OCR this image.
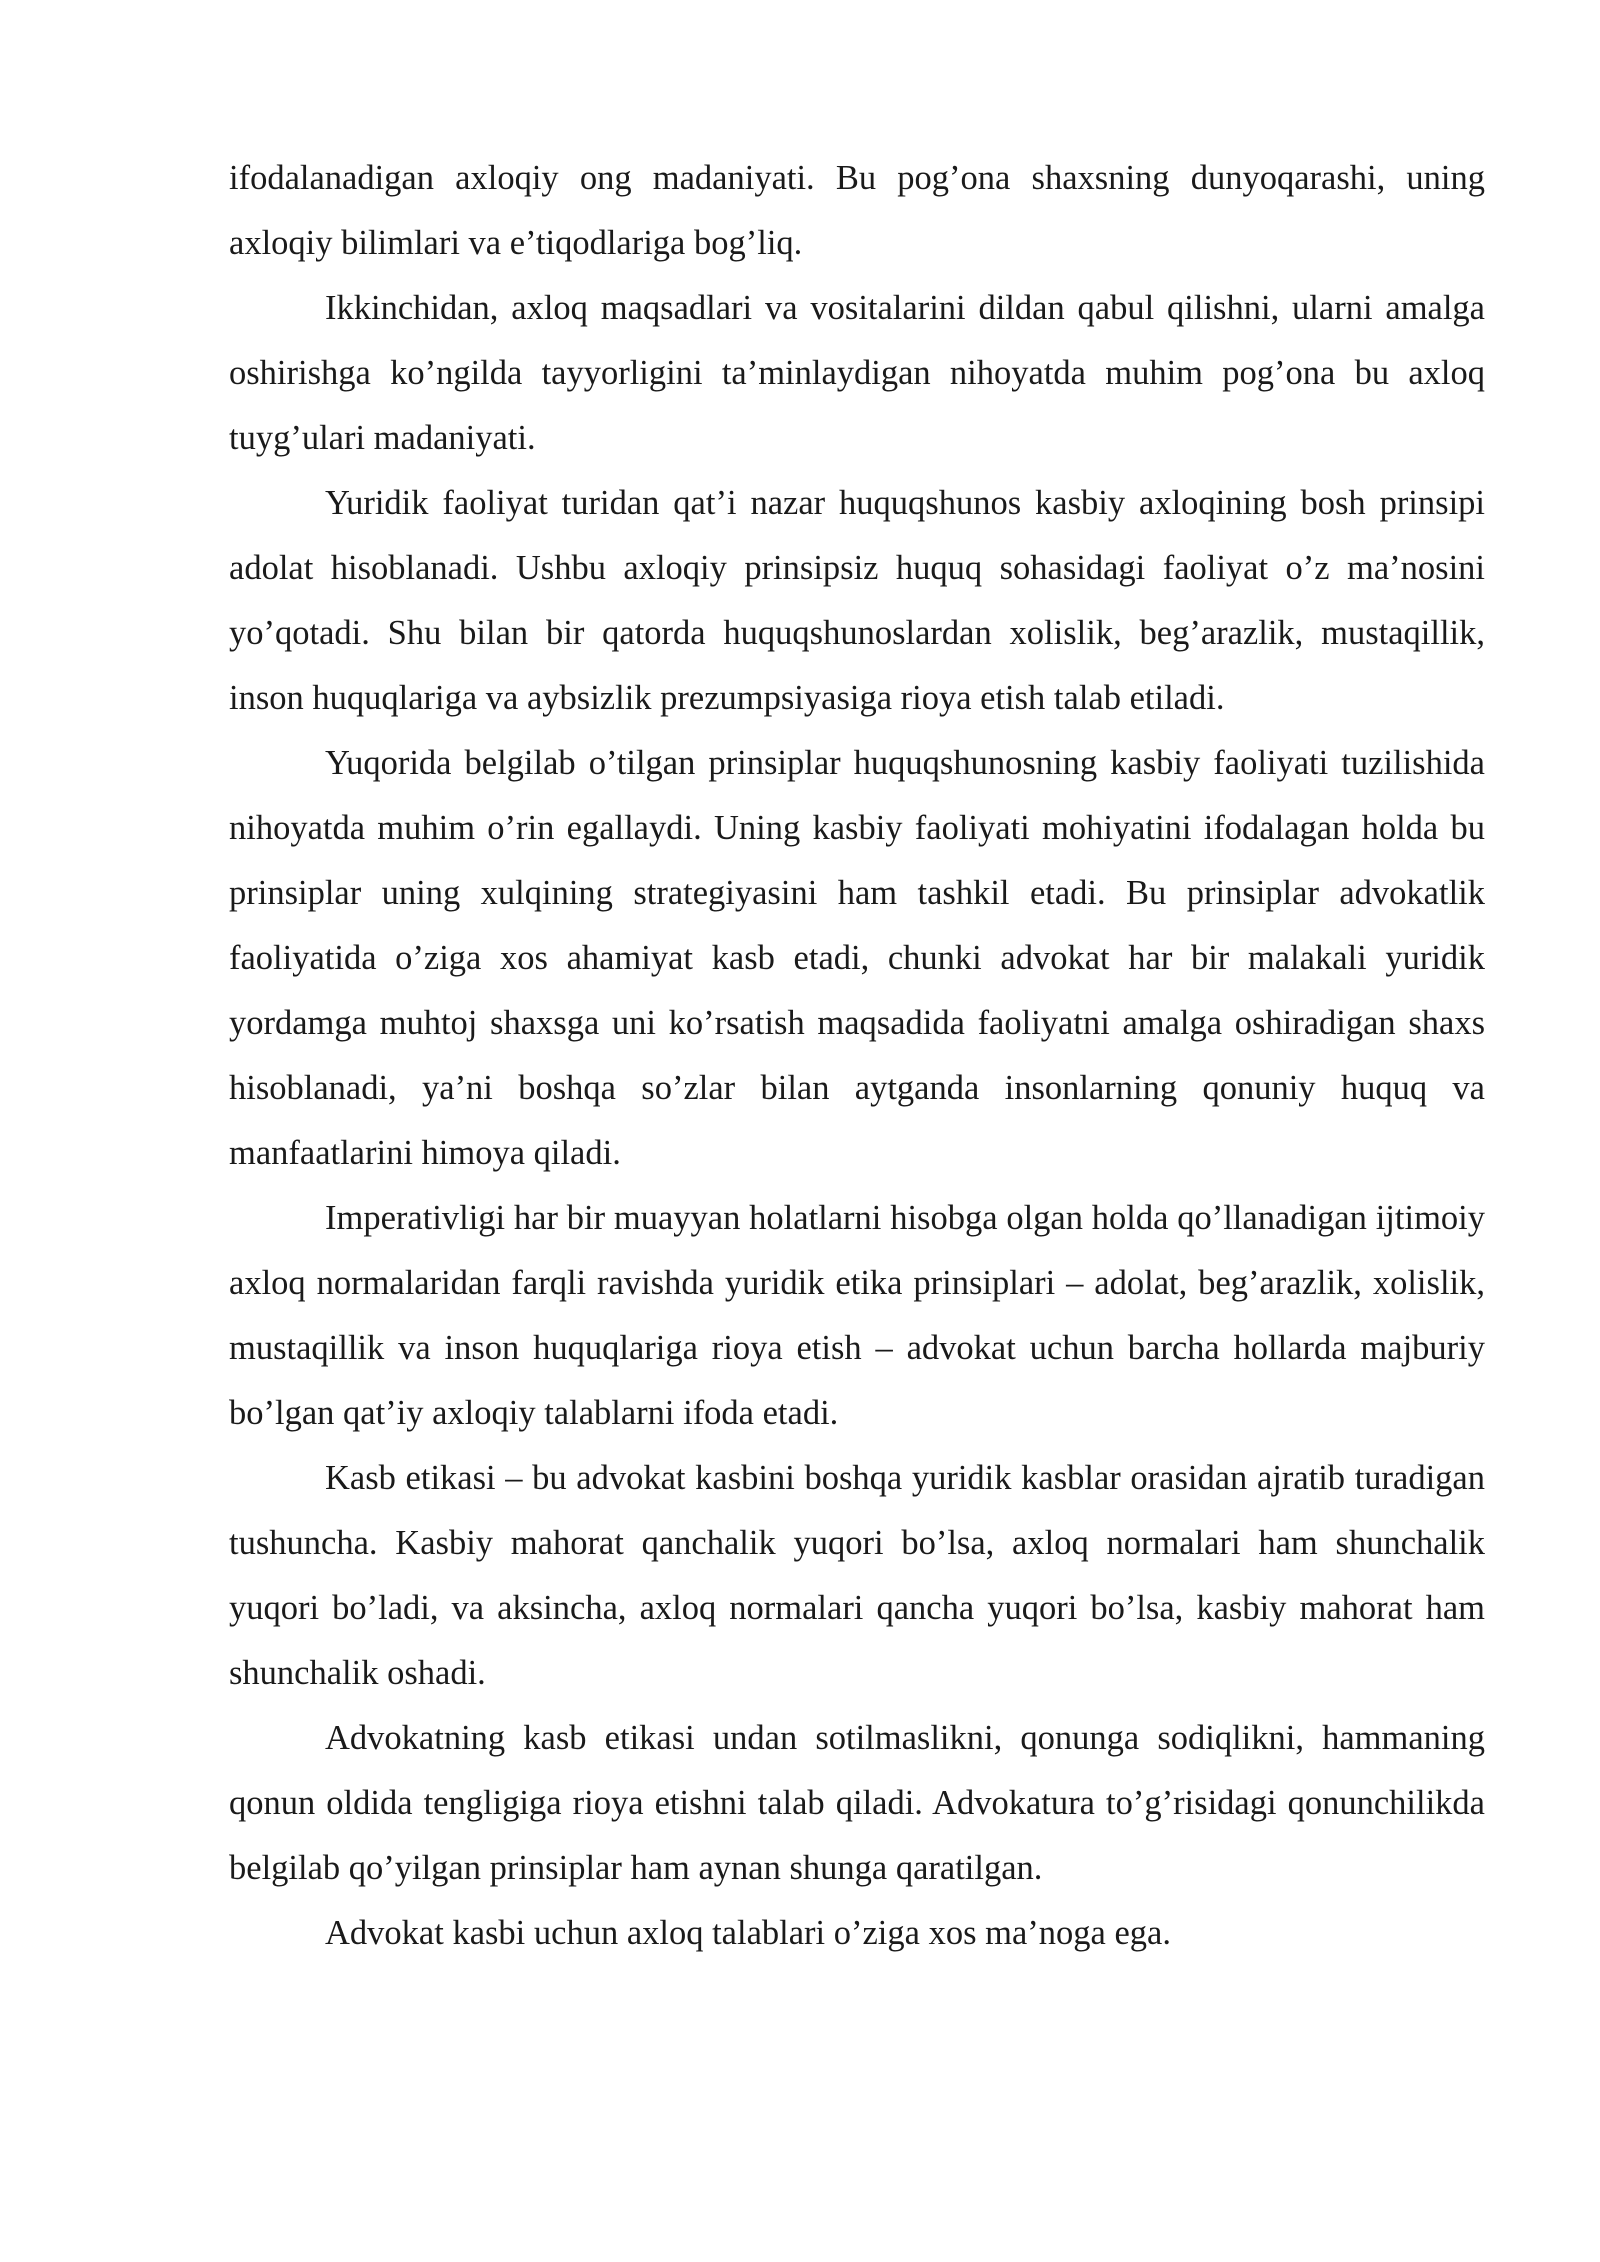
ifodalanadigan axloqiy ong madaniyati. Bu pog’ona shaxsning dunyoqarashi, uning axloqiy bilimlari va e’tiqodlariga bog’liq.

Ikkinchidan, axloq maqsadlari va vositalarini dildan qabul qilishni, ularni amalga oshirishga ko’ngilda tayyorligini ta’minlaydigan nihoyatda muhim pog’ona bu axloq tuyg’ulari madaniyati.

Yuridik faoliyat turidan qat’i nazar huquqshunos kasbiy axloqining bosh prinsipi adolat hisoblanadi. Ushbu axloqiy prinsipsiz huquq sohasidagi faoliyat o’z ma’nosini yo’qotadi. Shu bilan bir qatorda huquqshunoslardan xolislik, beg’arazlik, mustaqillik, inson huquqlariga va aybsizlik prezumpsiyasiga rioya etish talab etiladi.

Yuqorida belgilab o’tilgan prinsiplar huquqshunosning kasbiy faoliyati tuzilishida nihoyatda muhim o’rin egallaydi. Uning kasbiy faoliyati mohiyatini ifodalagan holda bu prinsiplar uning xulqining strategiyasini ham tashkil etadi. Bu prinsiplar advokatlik faoliyatida o’ziga xos ahamiyat kasb etadi, chunki advokat har bir malakali yuridik yordamga muhtoj shaxsga uni ko’rsatish maqsadida faoliyatni amalga oshiradigan shaxs hisoblanadi, ya’ni boshqa so’zlar bilan aytganda insonlarning qonuniy huquq va manfaatlarini himoya qiladi.

Imperativligi har bir muayyan holatlarni hisobga olgan holda qo’llanadigan ijtimoiy axloq normalaridan farqli ravishda yuridik etika prinsiplari – adolat, beg’arazlik, xolislik, mustaqillik va inson huquqlariga rioya etish – advokat uchun barcha hollarda majburiy bo’lgan qat’iy axloqiy talablarni ifoda etadi.

Kasb etikasi – bu advokat kasbini boshqa yuridik kasblar orasidan ajratib turadigan tushuncha. Kasbiy mahorat qanchalik yuqori bo’lsa, axloq normalari ham shunchalik yuqori bo’ladi, va aksincha, axloq normalari qancha yuqori bo’lsa, kasbiy mahorat ham shunchalik oshadi.

Advokatning kasb etikasi undan sotilmaslikni, qonunga sodiqlikni, hammaning qonun oldida tengligiga rioya etishni talab qiladi. Advokatura to’g’risidagi qonunchilikda belgilab qo’yilgan prinsiplar ham aynan shunga qaratilgan.

Advokat kasbi uchun axloq talablari o’ziga xos ma’noga ega.
